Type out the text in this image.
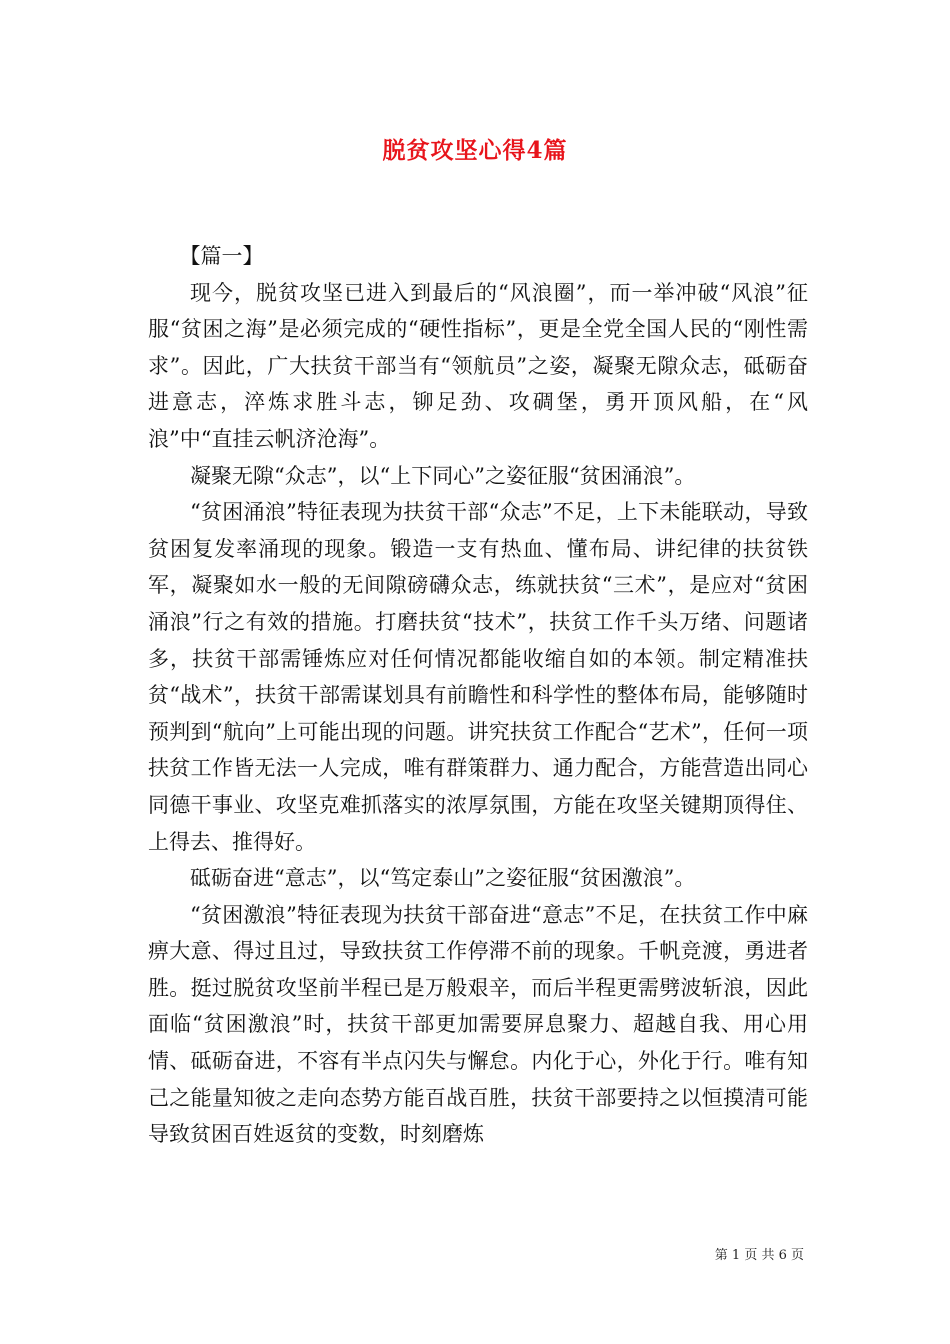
脱贫攻坚心得4篇

【篇一】

现今，脱贫攻坚已进入到最后的“风浪圈”，而一举冲破“风浪”征服“贫困之海”是必须完成的“硬性指标”，更是全党全国人民的“刚性需求”。因此，广大扶贫干部当有“领航员”之姿，凝聚无隙众志，砥砺奋进意志，淬炼求胜斗志，铆足劲、攻碉堡，勇开顶风船，在“风浪”中“直挂云帆济沧海”。

凝聚无隙“众志”，以“上下同心”之姿征服“贫困涌浪”。

“贫困涌浪”特征表现为扶贫干部“众志”不足，上下未能联动，导致贫困复发率涌现的现象。锻造一支有热血、懂布局、讲纪律的扶贫铁军，凝聚如水一般的无间隙磅礴众志，练就扶贫“三术”，是应对“贫困涌浪”行之有效的措施。打磨扶贫“技术”，扶贫工作千头万绪、问题诸多，扶贫干部需锤炼应对任何情况都能收缩自如的本领。制定精准扶贫“战术”，扶贫干部需谋划具有前瞻性和科学性的整体布局，能够随时预判到“航向”上可能出现的问题。讲究扶贫工作配合“艺术”，任何一项扶贫工作皆无法一人完成，唯有群策群力、通力配合，方能营造出同心同德干事业、攻坚克难抓落实的浓厚氛围，方能在攻坚关键期顶得住、上得去、推得好。

砥砺奋进“意志”，以“笃定泰山”之姿征服“贫困激浪”。

“贫困激浪”特征表现为扶贫干部奋进“意志”不足，在扶贫工作中麻痹大意、得过且过，导致扶贫工作停滞不前的现象。千帆竞渡，勇进者胜。挺过脱贫攻坚前半程已是万般艰辛，而后半程更需劈波斩浪，因此面临“贫困激浪”时，扶贫干部更加需要屏息聚力、超越自我、用心用情、砥砺奋进，不容有半点闪失与懈怠。内化于心，外化于行。唯有知己之能量知彼之走向态势方能百战百胜，扶贫干部要持之以恒摸清可能导致贫困百姓返贫的变数，时刻磨炼

第 1 页 共 6 页
